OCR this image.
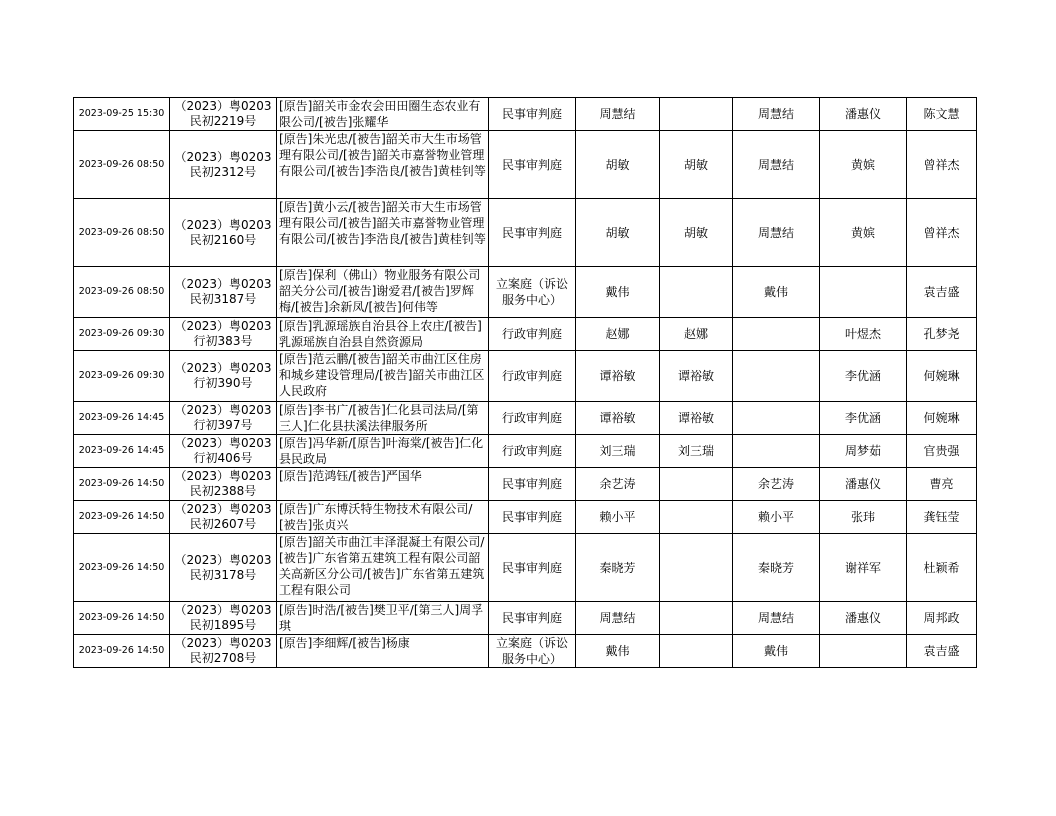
2023-09-25 15:30	（2023）粤0203民初2219号	[原告]韶关市金农会田田圈生态农业有限公司/[被告]张耀华	民事审判庭	周慧结		周慧结	潘惠仪	陈文慧
2023-09-26 08:50	（2023）粤0203民初2312号	[原告]朱光忠/[被告]韶关市大生市场管理有限公司/[被告]韶关市嘉誉物业管理有限公司/[被告]李浩良/[被告]黄桂钊等	民事审判庭	胡敏	胡敏	周慧结	黄嫔	曾祥杰
2023-09-26 08:50	（2023）粤0203民初2160号	[原告]黄小云/[被告]韶关市大生市场管理有限公司/[被告]韶关市嘉誉物业管理有限公司/[被告]李浩良/[被告]黄桂钊等	民事审判庭	胡敏	胡敏	周慧结	黄嫔	曾祥杰
2023-09-26 08:50	（2023）粤0203民初3187号	[原告]保利（佛山）物业服务有限公司韶关分公司/[被告]谢爱君/[被告]罗辉梅/[被告]余新凤/[被告]何伟等	立案庭（诉讼服务中心）	戴伟		戴伟		袁吉盛
2023-09-26 09:30	（2023）粤0203行初383号	[原告]乳源瑶族自治县谷上农庄/[被告]乳源瑶族自治县自然资源局	行政审判庭	赵娜	赵娜		叶煜杰	孔梦尧
2023-09-26 09:30	（2023）粤0203行初390号	[原告]范云鹏/[被告]韶关市曲江区住房和城乡建设管理局/[被告]韶关市曲江区人民政府	行政审判庭	谭裕敏	谭裕敏		李优涵	何婉琳
2023-09-26 14:45	（2023）粤0203行初397号	[原告]李书广/[被告]仁化县司法局/[第三人]仁化县扶溪法律服务所	行政审判庭	谭裕敏	谭裕敏		李优涵	何婉琳
2023-09-26 14:45	（2023）粤0203行初406号	[原告]冯华新/[原告]叶海棠/[被告]仁化县民政局	行政审判庭	刘三瑞	刘三瑞		周梦茹	官贵强
2023-09-26 14:50	（2023）粤0203民初2388号	[原告]范鸿钰/[被告]严国华	民事审判庭	余艺涛		余艺涛	潘惠仪	曹亮
2023-09-26 14:50	（2023）粤0203民初2607号	[原告]广东博沃特生物技术有限公司/[被告]张贞兴	民事审判庭	赖小平		赖小平	张玮	龚钰莹
2023-09-26 14:50	（2023）粤0203民初3178号	[原告]韶关市曲江丰泽混凝土有限公司/[被告]广东省第五建筑工程有限公司韶关高新区分公司/[被告]广东省第五建筑工程有限公司	民事审判庭	秦晓芳		秦晓芳	谢祥军	杜颖希
2023-09-26 14:50	（2023）粤0203民初1895号	[原告]时浩/[被告]樊卫平/[第三人]周孚琪	民事审判庭	周慧结		周慧结	潘惠仪	周邦政
2023-09-26 14:50	（2023）粤0203民初2708号	[原告]李细辉/[被告]杨康	立案庭（诉讼服务中心）	戴伟		戴伟		袁吉盛
